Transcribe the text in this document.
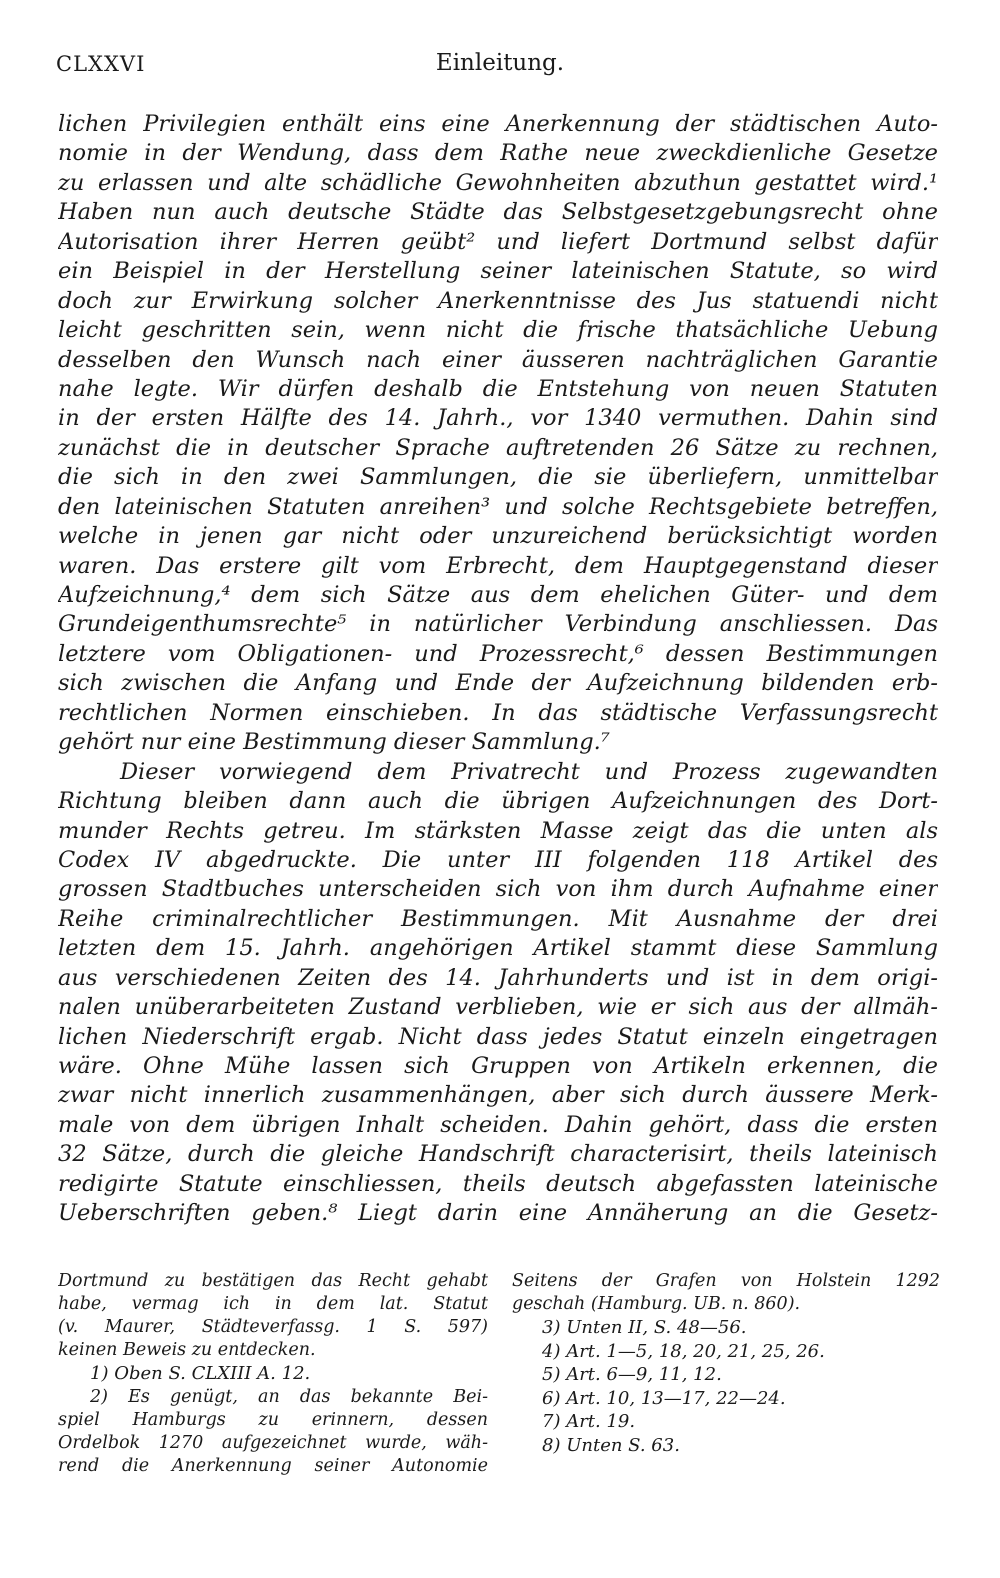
CLXXVI	Einleitung.
lichen Privilegien enthält eins eine Anerkennung der städtischen Auto-
nomie in der Wendung, dass dem Rathe neue zweckdienliche Gesetze
zu erlassen und alte schädliche Gewohnheiten abzuthun gestattet wird.¹
Haben nun auch deutsche Städte das Selbstgesetzgebungsrecht ohne
Autorisation ihrer Herren geübt² und liefert Dortmund selbst dafür
ein Beispiel in der Herstellung seiner lateinischen Statute, so wird
doch zur Erwirkung solcher Anerkenntnisse des Jus statuendi nicht
leicht geschritten sein, wenn nicht die frische thatsächliche Uebung
desselben den Wunsch nach einer äusseren nachträglichen Garantie
nahe legte. Wir dürfen deshalb die Entstehung von neuen Statuten
in der ersten Hälfte des 14. Jahrh., vor 1340 vermuthen. Dahin sind
zunächst die in deutscher Sprache auftretenden 26 Sätze zu rechnen,
die sich in den zwei Sammlungen, die sie überliefern, unmittelbar
den lateinischen Statuten anreihen³ und solche Rechtsgebiete betreffen,
welche in jenen gar nicht oder unzureichend berücksichtigt worden
waren. Das erstere gilt vom Erbrecht, dem Hauptgegenstand dieser
Aufzeichnung,⁴ dem sich Sätze aus dem ehelichen Güter- und dem
Grundeigenthumsrechte⁵ in natürlicher Verbindung anschliessen. Das
letztere vom Obligationen- und Prozessrecht,⁶ dessen Bestimmungen
sich zwischen die Anfang und Ende der Aufzeichnung bildenden erb-
rechtlichen Normen einschieben. In das städtische Verfassungsrecht
gehört nur eine Bestimmung dieser Sammlung.⁷
Dieser vorwiegend dem Privatrecht und Prozess zugewandten
Richtung bleiben dann auch die übrigen Aufzeichnungen des Dort-
munder Rechts getreu. Im stärksten Masse zeigt das die unten als
Codex IV abgedruckte. Die unter III folgenden 118 Artikel des
grossen Stadtbuches unterscheiden sich von ihm durch Aufnahme einer
Reihe criminalrechtlicher Bestimmungen. Mit Ausnahme der drei
letzten dem 15. Jahrh. angehörigen Artikel stammt diese Sammlung
aus verschiedenen Zeiten des 14. Jahrhunderts und ist in dem origi-
nalen unüberarbeiteten Zustand verblieben, wie er sich aus der allmäh-
lichen Niederschrift ergab. Nicht dass jedes Statut einzeln eingetragen
wäre. Ohne Mühe lassen sich Gruppen von Artikeln erkennen, die
zwar nicht innerlich zusammenhängen, aber sich durch äussere Merk-
male von dem übrigen Inhalt scheiden. Dahin gehört, dass die ersten
32 Sätze, durch die gleiche Handschrift characterisirt, theils lateinisch
redigirte Statute einschliessen, theils deutsch abgefassten lateinische
Ueberschriften geben.⁸ Liegt darin eine Annäherung an die Gesetz-
Dortmund zu bestätigen das Recht gehabt
habe, vermag ich in dem lat. Statut
(v. Maurer, Städteverfassg. 1 S. 597)
keinen Beweis zu entdecken.
1) Oben S. CLXIII A. 12.
2) Es genügt, an das bekannte Bei-
spiel Hamburgs zu erinnern, dessen
Ordelbok 1270 aufgezeichnet wurde, wäh-
rend die Anerkennung seiner Autonomie
Seitens der Grafen von Holstein 1292
geschah (Hamburg. UB. n. 860).
3) Unten II, S. 48—56.
4) Art. 1—5, 18, 20, 21, 25, 26.
5) Art. 6—9, 11, 12.
6) Art. 10, 13—17, 22—24.
7) Art. 19.
8) Unten S. 63.
